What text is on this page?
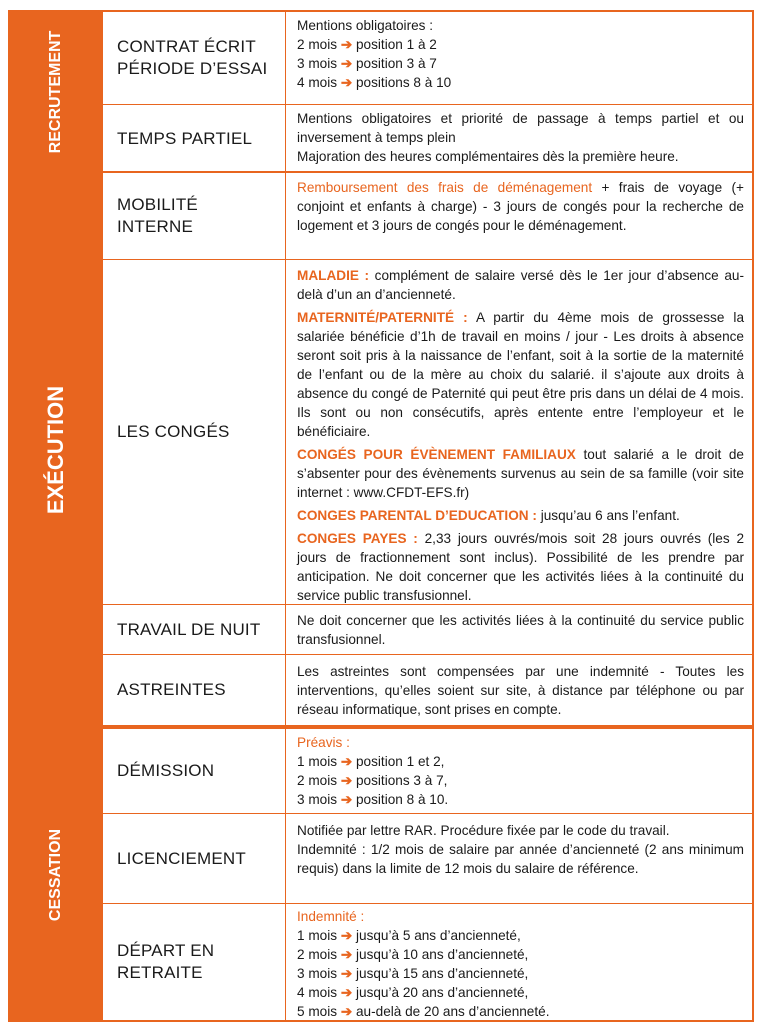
RECRUTEMENT	CONTRAT ÉCRIT
PÉRIODE D’ESSAI

Mentions obligatoires :

2 mois ➔ position 1 à 2

3 mois ➔ position 3 à 7

4 mois ➔ positions 8 à 10

TEMPS PARTIEL

Mentions obligatoires et priorité de passage à temps partiel et ou inversement à temps plein

Majoration des heures complémentaires dès la première heure.

EXÉCUTION
MOBILITÉ
INTERNE

Remboursement des frais de déménagement + frais de voyage (+ conjoint et enfants à charge) - 3 jours de congés pour la recherche de logement et 3 jours de congés pour le déménagement.

LES CONGÉS

MALADIE : complément de salaire versé dès le 1er jour d’absence au-delà d’un an d’ancienneté.

MATERNITÉ/PATERNITÉ : A partir du 4ème mois de grossesse la salariée bénéficie d’1h de travail en moins / jour - Les droits à absence seront soit pris à la naissance de l’enfant, soit à la sortie de la maternité de l’enfant ou de la mère au choix du salarié. il s’ajoute aux droits à absence du congé de Paternité qui peut être pris dans un délai de 4 mois. Ils sont ou non consécutifs, après entente entre l’employeur et le bénéficiaire.

CONGÉS POUR ÉVÈNEMENT FAMILIAUX tout salarié a le droit de s’absenter pour des évènements survenus au sein de sa famille (voir site internet : www.CFDT-EFS.fr)

CONGES PARENTAL D’EDUCATION : jusqu’au 6 ans l’enfant.

CONGES PAYES : 2,33 jours ouvrés/mois soit 28 jours ouvrés (les 2 jours de fractionnement sont inclus). Possibilité de les prendre par anticipation. Ne doit concerner que les activités liées à la continuité du service public transfusionnel.

TRAVAIL DE NUIT	Ne doit concerner que les activités liées à la continuité du service public transfusionnel.

ASTREINTES

Les astreintes sont compensées par une indemnité - Toutes les interventions, qu’elles soient sur site, à distance par téléphone ou par réseau informatique, sont prises en compte.

CESSATION
DÉMISSION

Préavis :

1 mois ➔ position 1 et 2,

2 mois ➔ positions 3 à 7,

3 mois ➔ position 8 à 10.

LICENCIEMENT

Notifiée par lettre RAR. Procédure fixée par le code du travail.

Indemnité : 1/2 mois de salaire par année d’ancienneté (2 ans minimum requis) dans la limite de 12 mois du salaire de référence.

DÉPART EN
RETRAITE

Indemnité :

1 mois ➔ jusqu’à 5 ans d’ancienneté,

2 mois ➔ jusqu’à 10 ans d’ancienneté,

3 mois ➔ jusqu’à 15 ans d’ancienneté,

4 mois ➔ jusqu’à 20 ans d’ancienneté,

5 mois ➔ au-delà de 20 ans d’ancienneté.
